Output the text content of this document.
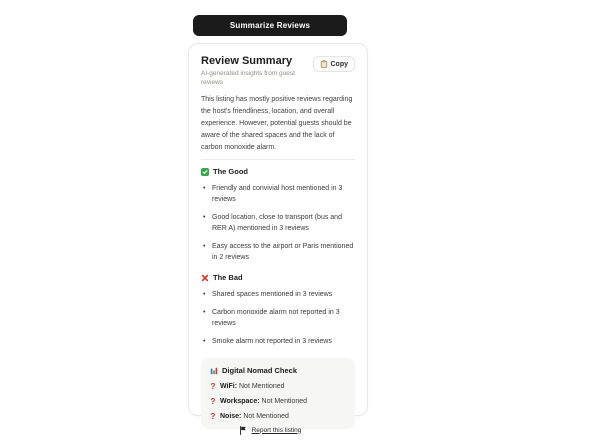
Summarize Reviews
Review Summary
AI-generated insights from guest reviews
Copy

This listing has mostly positive reviews regarding the host's friendliness, location, and overall experience. However, potential guests should be aware of the shared spaces and the lack of carbon monoxide alarm.

The Good
• Friendly and convivial host mentioned in 3 reviews
• Good location, close to transport (bus and RER A) mentioned in 3 reviews
• Easy access to the airport or Paris mentioned in 2 reviews
The Bad
• Shared spaces mentioned in 3 reviews
• Carbon monoxide alarm not reported in 3 reviews
• Smoke alarm not reported in 3 reviews
Digital Nomad Check
? WiFi: Not Mentioned
? Workspace: Not Mentioned
? Noise: Not Mentioned
Report this listing
